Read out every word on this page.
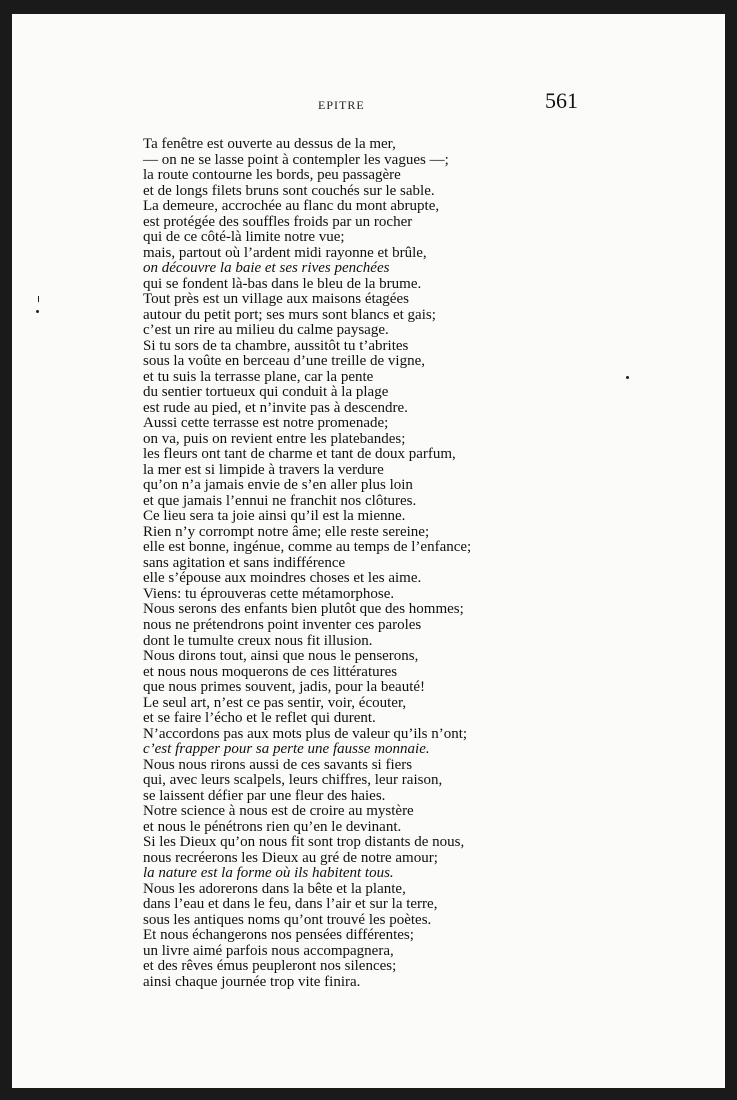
EPITRE	561
Ta fenêtre est ouverte au dessus de la mer,
— on ne se lasse point à contempler les vagues —;
la route contourne les bords, peu passagère
et de longs filets bruns sont couchés sur le sable.
La demeure, accrochée au flanc du mont abrupte,
est protégée des souffles froids par un rocher
qui de ce côté-là limite notre vue;
mais, partout où l’ardent midi rayonne et brûle,
on découvre la baie et ses rives penchées
qui se fondent là-bas dans le bleu de la brume.
Tout près est un village aux maisons étagées
autour du petit port; ses murs sont blancs et gais;
c’est un rire au milieu du calme paysage.
Si tu sors de ta chambre, aussitôt tu t’abrites
sous la voûte en berceau d’une treille de vigne,
et tu suis la terrasse plane, car la pente
du sentier tortueux qui conduit à la plage
est rude au pied, et n’invite pas à descendre.
Aussi cette terrasse est notre promenade;
on va, puis on revient entre les platebandes;
les fleurs ont tant de charme et tant de doux parfum,
la mer est si limpide à travers la verdure
qu’on n’a jamais envie de s’en aller plus loin
et que jamais l’ennui ne franchit nos clôtures.
Ce lieu sera ta joie ainsi qu’il est la mienne.
Rien n’y corrompt notre âme; elle reste sereine;
elle est bonne, ingénue, comme au temps de l’enfance;
sans agitation et sans indifférence
elle s’épouse aux moindres choses et les aime.
Viens: tu éprouveras cette métamorphose.
Nous serons des enfants bien plutôt que des hommes;
nous ne prétendrons point inventer ces paroles
dont le tumulte creux nous fit illusion.
Nous dirons tout, ainsi que nous le penserons,
et nous nous moquerons de ces littératures
que nous primes souvent, jadis, pour la beauté!
Le seul art, n’est ce pas sentir, voir, écouter,
et se faire l’écho et le reflet qui durent.
N’accordons pas aux mots plus de valeur qu’ils n’ont;
c’est frapper pour sa perte une fausse monnaie.
Nous nous rirons aussi de ces savants si fiers
qui, avec leurs scalpels, leurs chiffres, leur raison,
se laissent défier par une fleur des haies.
Notre science à nous est de croire au mystère
et nous le pénétrons rien qu’en le devinant.
Si les Dieux qu’on nous fit sont trop distants de nous,
nous recréerons les Dieux au gré de notre amour;
la nature est la forme où ils habitent tous.
Nous les adorerons dans la bête et la plante,
dans l’eau et dans le feu, dans l’air et sur la terre,
sous les antiques noms qu’ont trouvé les poètes.
Et nous échangerons nos pensées différentes;
un livre aimé parfois nous accompagnera,
et des rêves émus peupleront nos silences;
ainsi chaque journée trop vite finira.
